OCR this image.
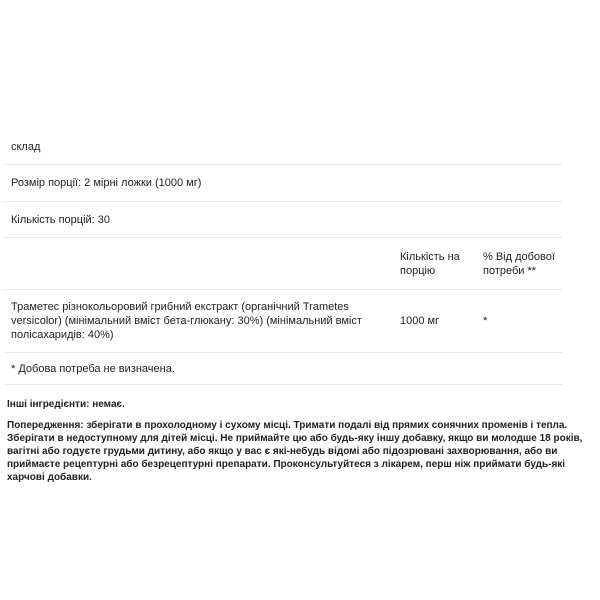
склад
Розмір порції: 2 мірні ложки (1000 мг)
Кількість порцій: 30
Кількість на порцію
% Від добової потреби **
Траметес різнокольоровий грибний екстракт (органічний Trametes versicolor) (мінімальний вміст бета-глюкану: 30%) (мінімальний вміст полісахаридів: 40%)
1000 мг	*
* Добова потреба не визначена.
Інші інгредієнти: немає.
Попередження: зберігати в прохолодному і сухому місці. Тримати подалі від прямих сонячних променів і тепла. Зберігати в недоступному для дітей місці. Не приймайте цю або будь-яку іншу добавку, якщо ви молодше 18 років, вагітні або годуєте грудьми дитину, або якщо у вас є які-небудь відомі або підозрювані захворювання, або ви приймаєте рецептурні або безрецептурні препарати. Проконсультуйтеся з лікарем, перш ніж приймати будь-які харчові добавки.
